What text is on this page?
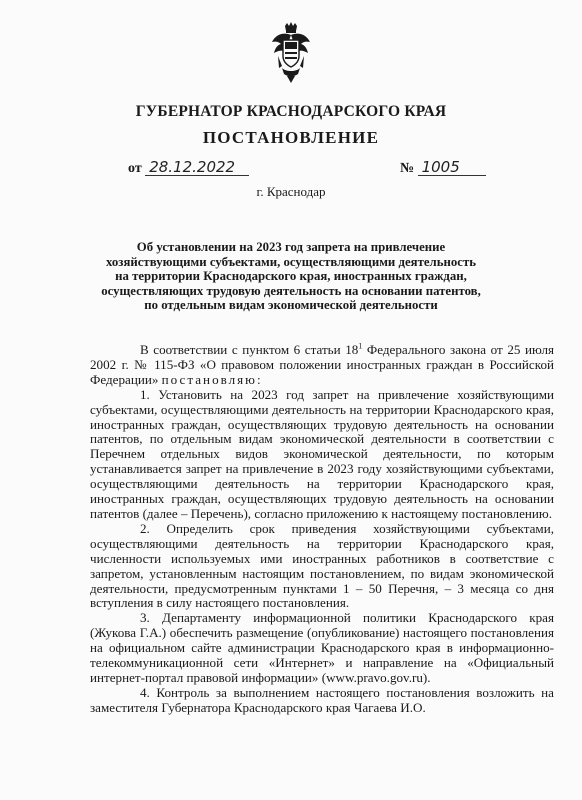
ГУБЕРНАТОР КРАСНОДАРСКОГО КРАЯ
ПОСТАНОВЛЕНИЕ
от 28.12.2022	№ 1005
г. Краснодар
Об установлении на 2023 год запрета на привлечение
хозяйствующими субъектами, осуществляющими деятельность
на территории Краснодарского края, иностранных граждан,
осуществляющих трудовую деятельность на основании патентов,
по отдельным видам экономической деятельности

В соответствии с пунктом 6 статьи $18^1$ Федерального закона от 25 июля 2002 г. № 115-ФЗ «О правовом положении иностранных граждан в Российской Федерации» постановляю:

1. Установить на 2023 год запрет на привлечение хозяйствующими субъектами, осуществляющими деятельность на территории Краснодарского края, иностранных граждан, осуществляющих трудовую деятельность на основании патентов, по отдельным видам экономической деятельности в соответствии с Перечнем отдельных видов экономической деятельности, по которым устанавливается запрет на привлечение в 2023 году хозяйствующими субъектами, осуществляющими деятельность на территории Краснодарского края, иностранных граждан, осуществляющих трудовую деятельность на основании патентов (далее – Перечень), согласно приложению к настоящему постановлению.

2. Определить срок приведения хозяйствующими субъектами, осуществляющими деятельность на территории Краснодарского края, численности используемых ими иностранных работников в соответствие с запретом, установленным настоящим постановлением, по видам экономической деятельности, предусмотренным пунктами 1 – 50 Перечня, – 3 месяца со дня вступления в силу настоящего постановления.

3. Департаменту информационной политики Краснодарского края (Жукова Г.А.) обеспечить размещение (опубликование) настоящего постановления на официальном сайте администрации Краснодарского края в информационно-телекоммуникационной сети «Интернет» и направление на «Официальный интернет-портал правовой информации» (www.pravo.gov.ru).

4. Контроль за выполнением настоящего постановления возложить на заместителя Губернатора Краснодарского края Чагаева И.О.
